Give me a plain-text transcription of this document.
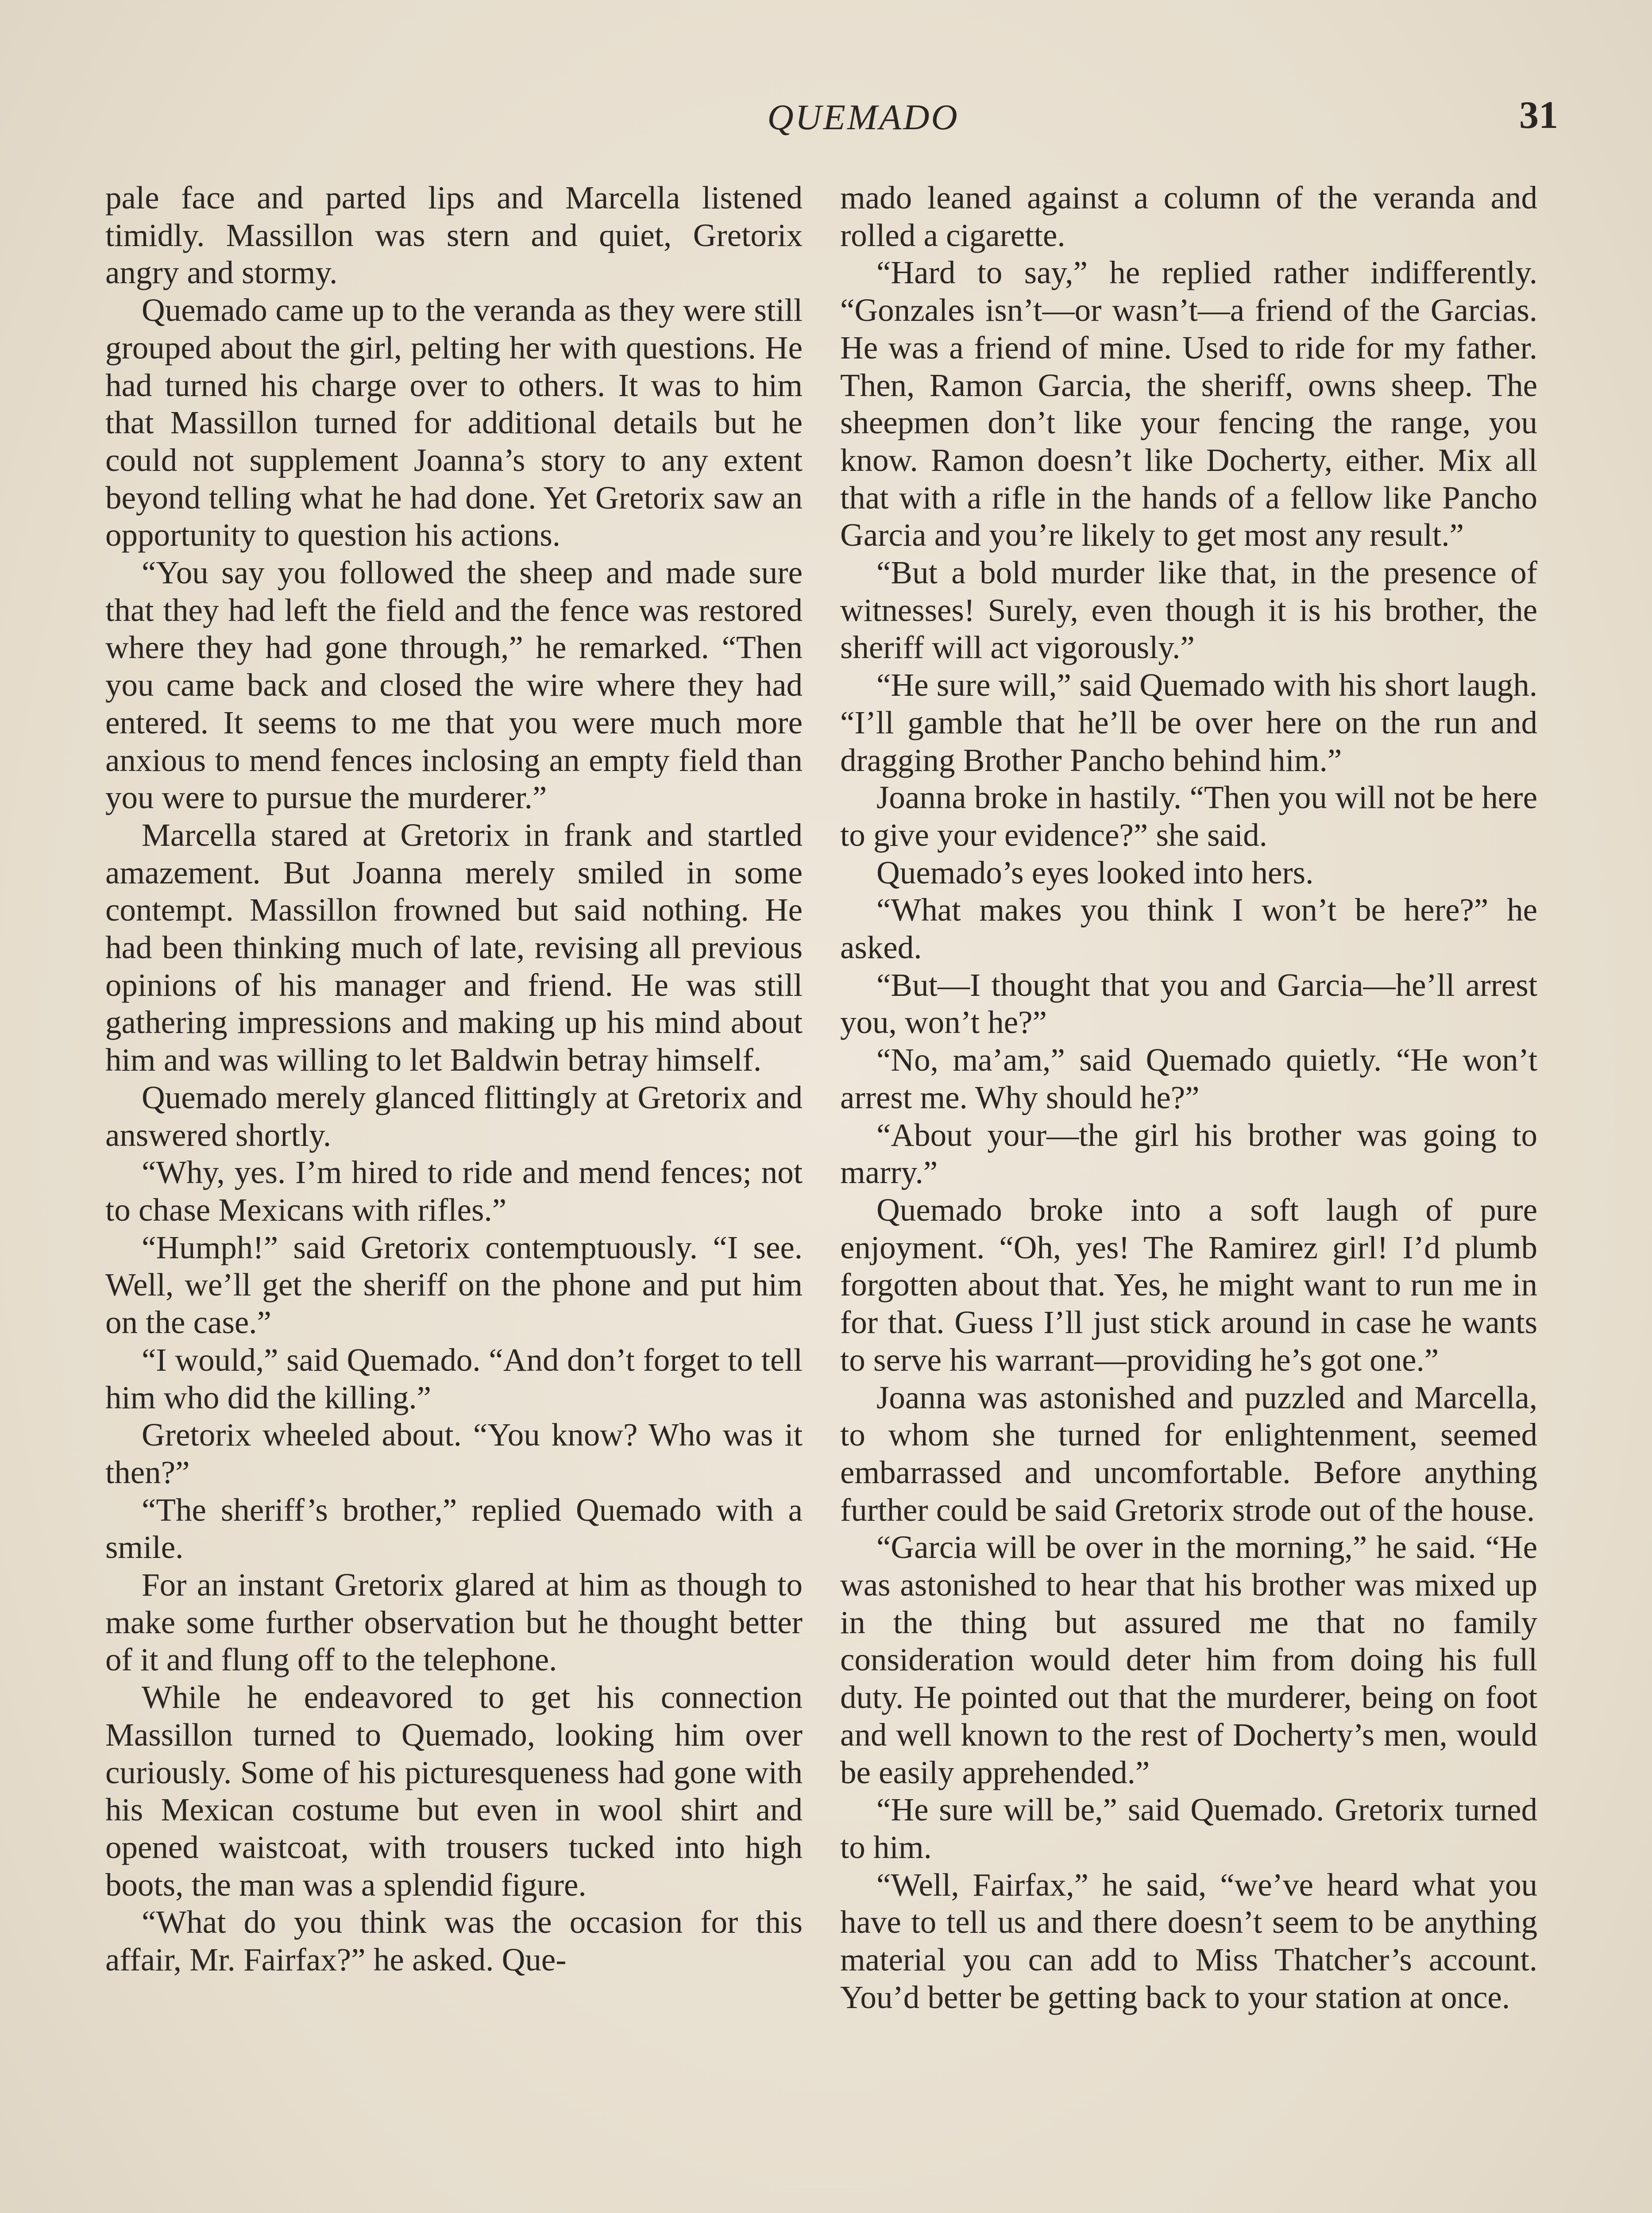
QUEMADO	31

pale face and parted lips and Marcella listened timidly. Massillon was stern and quiet, Gretorix angry and stormy.

Quemado came up to the veranda as they were still grouped about the girl, pelting her with questions. He had turned his charge over to others. It was to him that Massillon turned for additional details but he could not supplement Joanna’s story to any extent beyond telling what he had done. Yet Gretorix saw an opportunity to question his actions.

“You say you followed the sheep and made sure that they had left the field and the fence was restored where they had gone through,” he remarked. “Then you came back and closed the wire where they had entered. It seems to me that you were much more anxious to mend fences inclosing an empty field than you were to pursue the murderer.”

Marcella stared at Gretorix in frank and startled amazement. But Joanna merely smiled in some contempt. Massillon frowned but said nothing. He had been thinking much of late, revising all previous opinions of his manager and friend. He was still gathering impressions and making up his mind about him and was willing to let Baldwin betray himself.

Quemado merely glanced flittingly at Gretorix and answered shortly.

“Why, yes. I’m hired to ride and mend fences; not to chase Mexicans with rifles.”

“Humph!” said Gretorix contemptuously. “I see. Well, we’ll get the sheriff on the phone and put him on the case.”

“I would,” said Quemado. “And don’t forget to tell him who did the killing.”

Gretorix wheeled about. “You know? Who was it then?”

“The sheriff’s brother,” replied Quemado with a smile.

For an instant Gretorix glared at him as though to make some further observation but he thought better of it and flung off to the telephone.

While he endeavored to get his connection Massillon turned to Quemado, looking him over curiously. Some of his picturesqueness had gone with his Mexican costume but even in wool shirt and opened waistcoat, with trousers tucked into high boots, the man was a splendid figure.

“What do you think was the occasion for this affair, Mr. Fairfax?” he asked. Que-

mado leaned against a column of the veranda and rolled a cigarette.

“Hard to say,” he replied rather indifferently. “Gonzales isn’t—or wasn’t—a friend of the Garcias. He was a friend of mine. Used to ride for my father. Then, Ramon Garcia, the sheriff, owns sheep. The sheepmen don’t like your fencing the range, you know. Ramon doesn’t like Docherty, either. Mix all that with a rifle in the hands of a fellow like Pancho Garcia and you’re likely to get most any result.”

“But a bold murder like that, in the presence of witnesses! Surely, even though it is his brother, the sheriff will act vigorously.”

“He sure will,” said Quemado with his short laugh. “I’ll gamble that he’ll be over here on the run and dragging Brother Pancho behind him.”

Joanna broke in hastily. “Then you will not be here to give your evidence?” she said.

Quemado’s eyes looked into hers.

“What makes you think I won’t be here?” he asked.

“But—I thought that you and Garcia—he’ll arrest you, won’t he?”

“No, ma’am,” said Quemado quietly. “He won’t arrest me. Why should he?”

“About your—the girl his brother was going to marry.”

Quemado broke into a soft laugh of pure enjoyment. “Oh, yes! The Ramirez girl! I’d plumb forgotten about that. Yes, he might want to run me in for that. Guess I’ll just stick around in case he wants to serve his warrant—providing he’s got one.”

Joanna was astonished and puzzled and Marcella, to whom she turned for enlightenment, seemed embarrassed and uncomfortable. Before anything further could be said Gretorix strode out of the house.

“Garcia will be over in the morning,” he said. “He was astonished to hear that his brother was mixed up in the thing but assured me that no family consideration would deter him from doing his full duty. He pointed out that the murderer, being on foot and well known to the rest of Docherty’s men, would be easily apprehended.”

“He sure will be,” said Quemado. Gretorix turned to him.

“Well, Fairfax,” he said, “we’ve heard what you have to tell us and there doesn’t seem to be anything material you can add to Miss Thatcher’s account. You’d better be getting back to your station at once.
